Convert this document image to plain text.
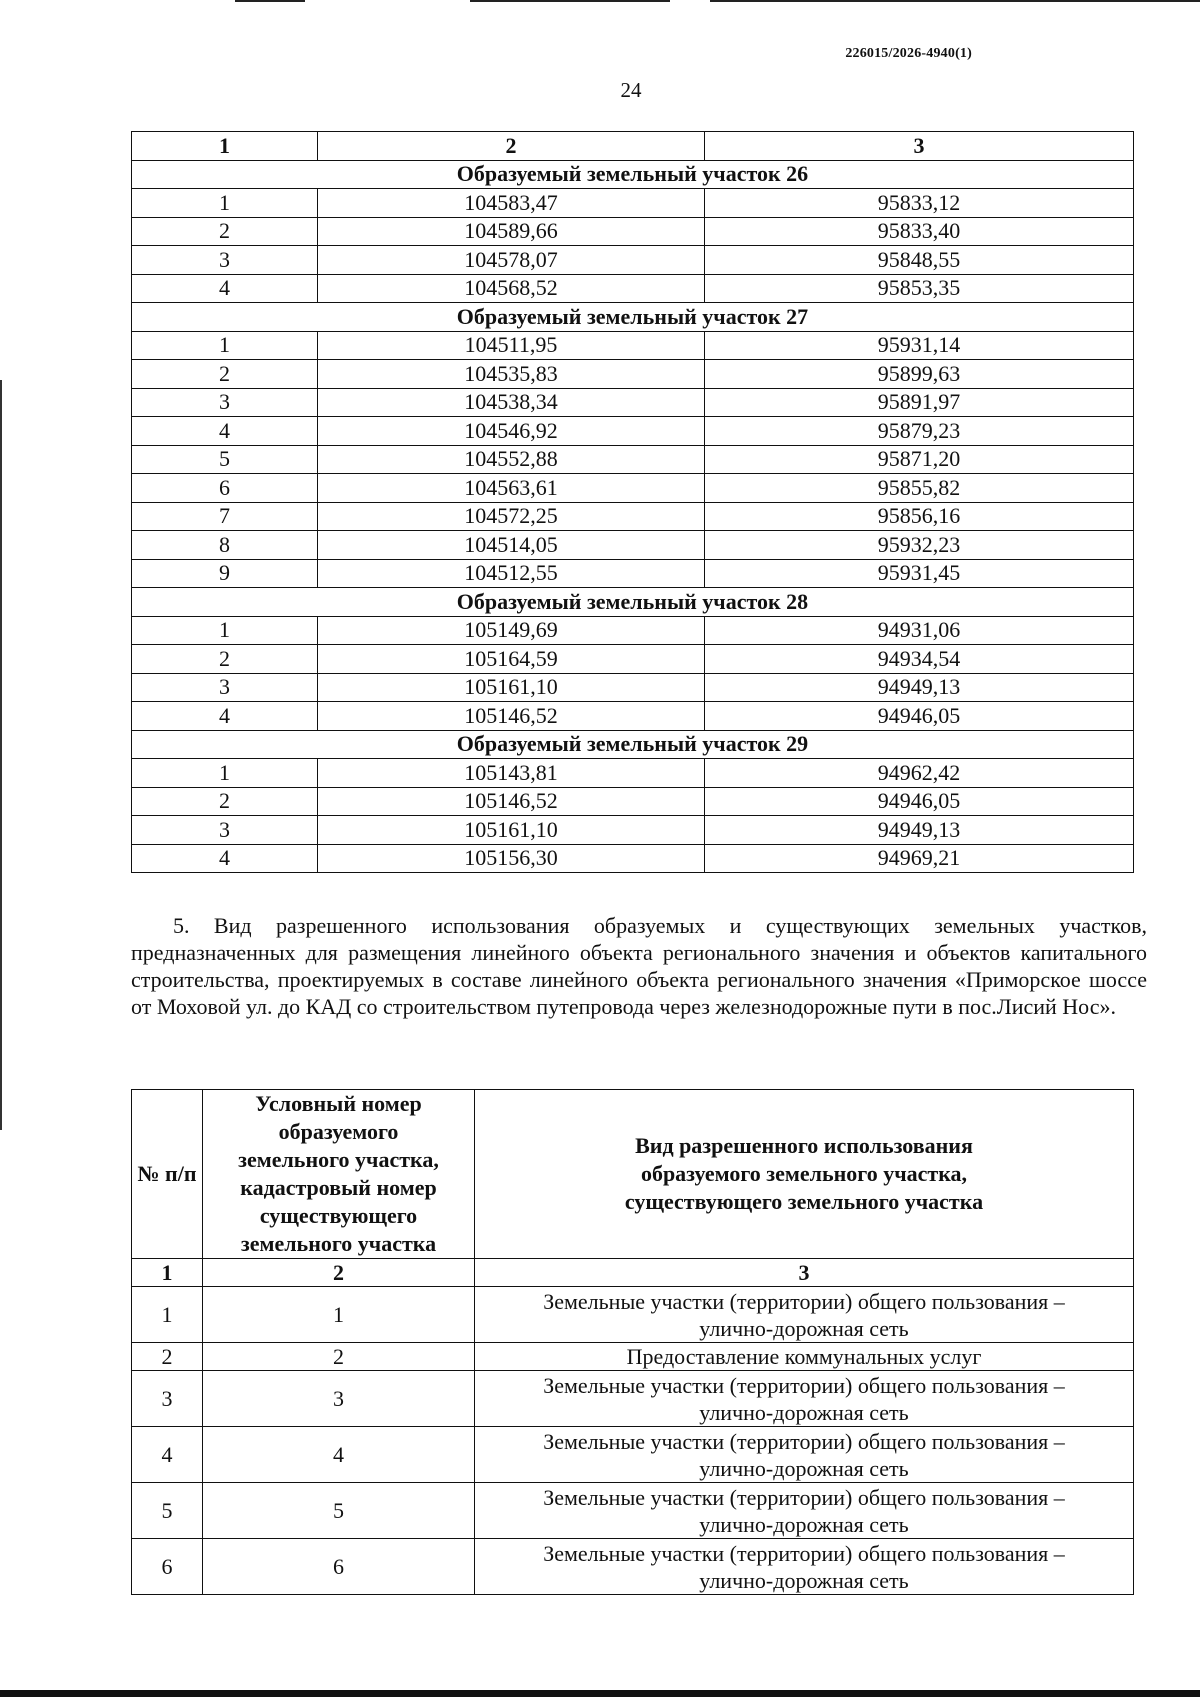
226015/2026-4940(1)
24
1	2	3
Образуемый земельный участок 26		
1	104583,47	95833,12
2	104589,66	95833,40
3	104578,07	95848,55
4	104568,52	95853,35
Образуемый земельный участок 27		
1	104511,95	95931,14
2	104535,83	95899,63
3	104538,34	95891,97
4	104546,92	95879,23
5	104552,88	95871,20
6	104563,61	95855,82
7	104572,25	95856,16
8	104514,05	95932,23
9	104512,55	95931,45
Образуемый земельный участок 28		
1	105149,69	94931,06
2	105164,59	94934,54
3	105161,10	94949,13
4	105146,52	94946,05
Образуемый земельный участок 29		
1	105143,81	94962,42
2	105146,52	94946,05
3	105161,10	94949,13
4	105156,30	94969,21

5. Вид разрешенного использования образуемых и существующих земельных участков, предназначенных для размещения линейного объекта регионального значения и объектов капитального строительства, проектируемых в составе линейного объекта регионального значения «Приморское шоссе от Моховой ул. до КАД со строительством путепровода через железнодорожные пути в пос.Лисий Нос».

№ п/п	Условный номер образуемого земельного участка, кадастровый номер существующего земельного участка	Вид разрешенного использования образуемого земельного участка, существующего земельного участка
1	2	3
1	1	Земельные участки (территории) общего пользования – улично-дорожная сеть
2	2	Предоставление коммунальных услуг
3	3	Земельные участки (территории) общего пользования – улично-дорожная сеть
4	4	Земельные участки (территории) общего пользования – улично-дорожная сеть
5	5	Земельные участки (территории) общего пользования – улично-дорожная сеть
6	6	Земельные участки (территории) общего пользования – улично-дорожная сеть
